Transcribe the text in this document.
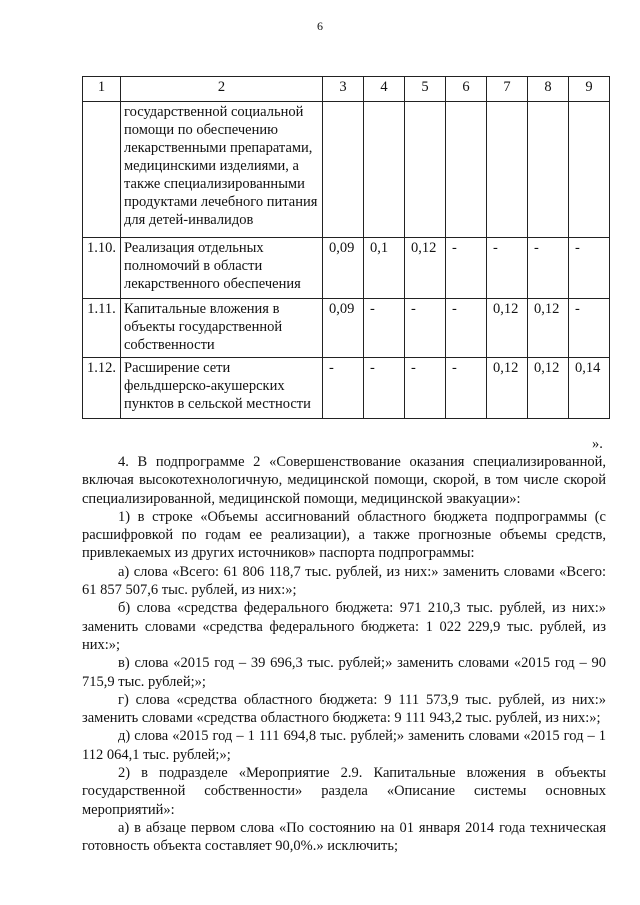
6
1	2	3	4	5	6	7	8	9
	государственной социальной помощи по обеспечению лекарственными препаратами, медицинскими изделиями, а также специализированными продуктами лечебного питания для детей-инвалидов							
1.10.	Реализация отдельных полномочий в области лекарственного обеспечения	0,09	0,1	0,12	-	-	-	-
1.11.	Капитальные вложения в объекты государственной собственности	0,09	-	-	-	0,12	0,12	-
1.12.	Расширение сети фельдшерско-акушерских пунктов в сельской местности	-	-	-	-	0,12	0,12	0,14
».

4. В подпрограмме 2 «Совершенствование оказания специализированной, включая высокотехнологичную, медицинской помощи, скорой, в том числе скорой специализированной, медицинской помощи, медицинской эвакуации»:

1) в строке «Объемы ассигнований областного бюджета подпрограммы (с расшифровкой по годам ее реализации), а также прогнозные объемы средств, привлекаемых из других источников» паспорта подпрограммы:

а) слова «Всего: 61 806 118,7 тыс. рублей, из них:» заменить словами «Всего: 61 857 507,6 тыс. рублей, из них:»;

б) слова «средства федерального бюджета: 971 210,3 тыс. рублей, из них:» заменить словами «средства федерального бюджета: 1 022 229,9 тыс. рублей, из них:»;

в) слова «2015 год – 39 696,3 тыс. рублей;» заменить словами «2015 год – 90 715,9 тыс. рублей;»;

г) слова «средства областного бюджета: 9 111 573,9 тыс. рублей, из них:» заменить словами «средства областного бюджета: 9 111 943,2 тыс. рублей, из них:»;

д) слова «2015 год – 1 111 694,8 тыс. рублей;» заменить словами «2015 год – 1 112 064,1 тыс. рублей;»;

2) в подразделе «Мероприятие 2.9. Капитальные вложения в объекты государственной собственности» раздела «Описание системы основных мероприятий»:

а) в абзаце первом слова «По состоянию на 01 января 2014 года техническая готовность объекта составляет 90,0%.» исключить;
